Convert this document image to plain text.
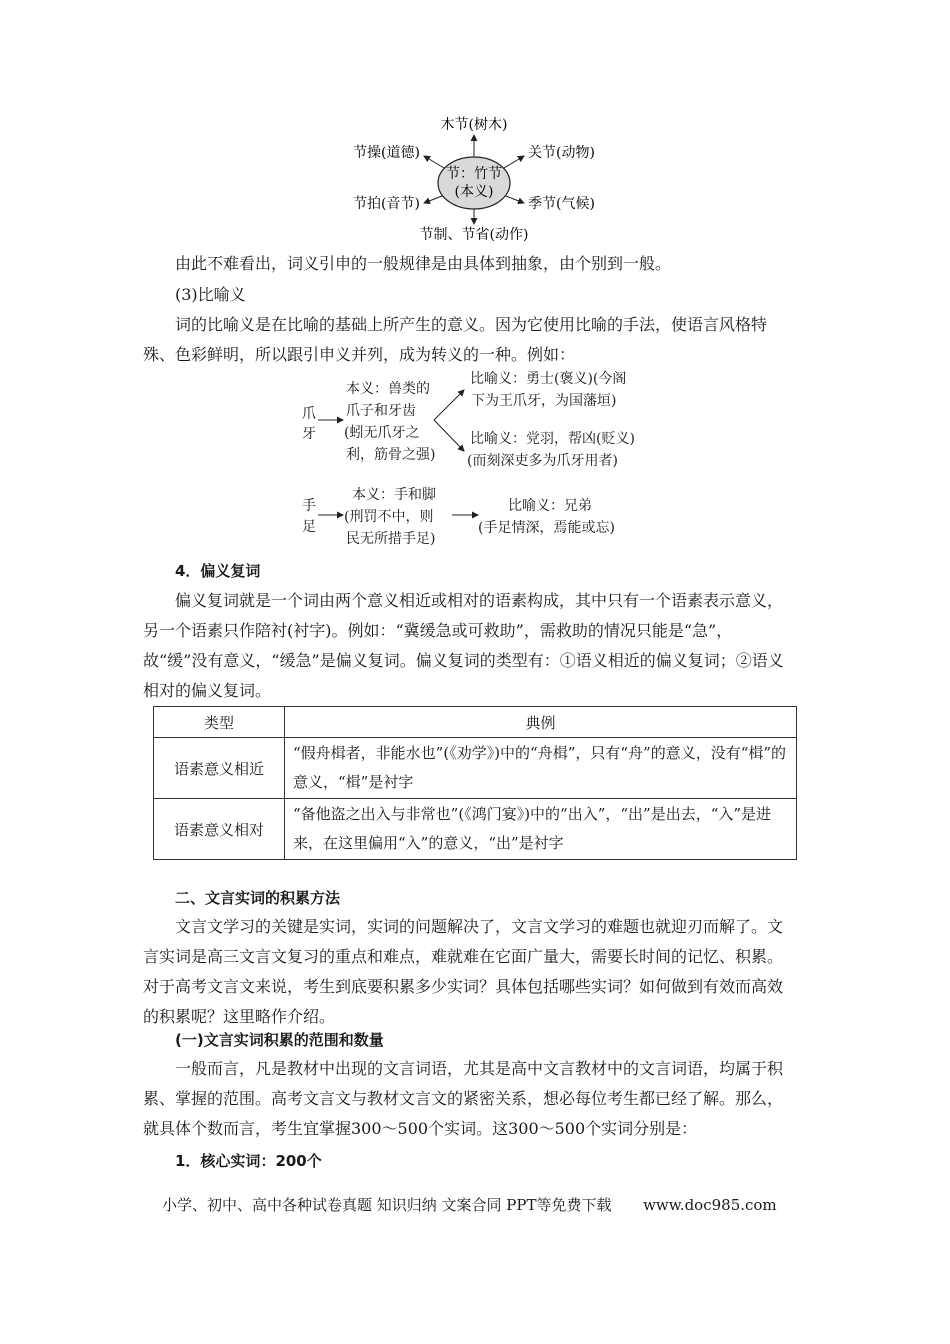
节：竹节
(本义)
木节(树木)
节操(道德)	关节(动物)
节拍(音节)	季节(气候)
节制、节省(动作)

由此不难看出，词义引申的一般规律是由具体到抽象，由个别到一般。

(3)比喻义

词的比喻义是在比喻的基础上所产生的意义。因为它使用比喻的手法，使语言风格特殊、色彩鲜明，所以跟引申义并列，成为转义的一种。例如：

爪
牙
本义：兽类的
爪子和牙齿
(蚓无爪牙之
利，筋骨之强)
比喻义：勇士(褒义)(今阁
下为王爪牙，为国藩垣)
比喻义：党羽，帮凶(贬义)
(而刻深吏多为爪牙用者)
手
足
本义：手和脚
(刑罚不中，则
民无所措手足)
比喻义：兄弟
(手足情深，焉能或忘)

4．偏义复词

偏义复词就是一个词由两个意义相近或相对的语素构成，其中只有一个语素表示意义，另一个语素只作陪衬(衬字)。例如：“冀缓急或可救助”，需救助的情况只能是“急”，故“缓”没有意义，“缓急”是偏义复词。偏义复词的类型有：①语义相近的偏义复词；②语义相对的偏义复词。

类型	典例
语素意义相近	“假舟楫者，非能水也”(《劝学》)中的“舟楫”，只有“舟”的意义，没有“楫”的意义，“楫”是衬字
语素意义相对	“备他盗之出入与非常也”(《鸿门宴》)中的“出入”，“出”是出去，“入”是进来，在这里偏用“入”的意义，“出”是衬字

二、文言实词的积累方法

文言文学习的关键是实词，实词的问题解决了，文言文学习的难题也就迎刃而解了。文言实词是高三文言文复习的重点和难点，难就难在它面广量大，需要长时间的记忆、积累。对于高考文言文来说，考生到底要积累多少实词？具体包括哪些实词？如何做到有效而高效的积累呢？这里略作介绍。

(一)文言实词积累的范围和数量

一般而言，凡是教材中出现的文言词语，尤其是高中文言教材中的文言词语，均属于积累、掌握的范围。高考文言文与教材文言文的紧密关系，想必每位考生都已经了解。那么，就具体个数而言，考生宜掌握300～500个实词。这300～500个实词分别是：

1．核心实词：200个

小学、初中、高中各种试卷真题 知识归纳 文案合同 PPT等免费下载 www.doc985.com
